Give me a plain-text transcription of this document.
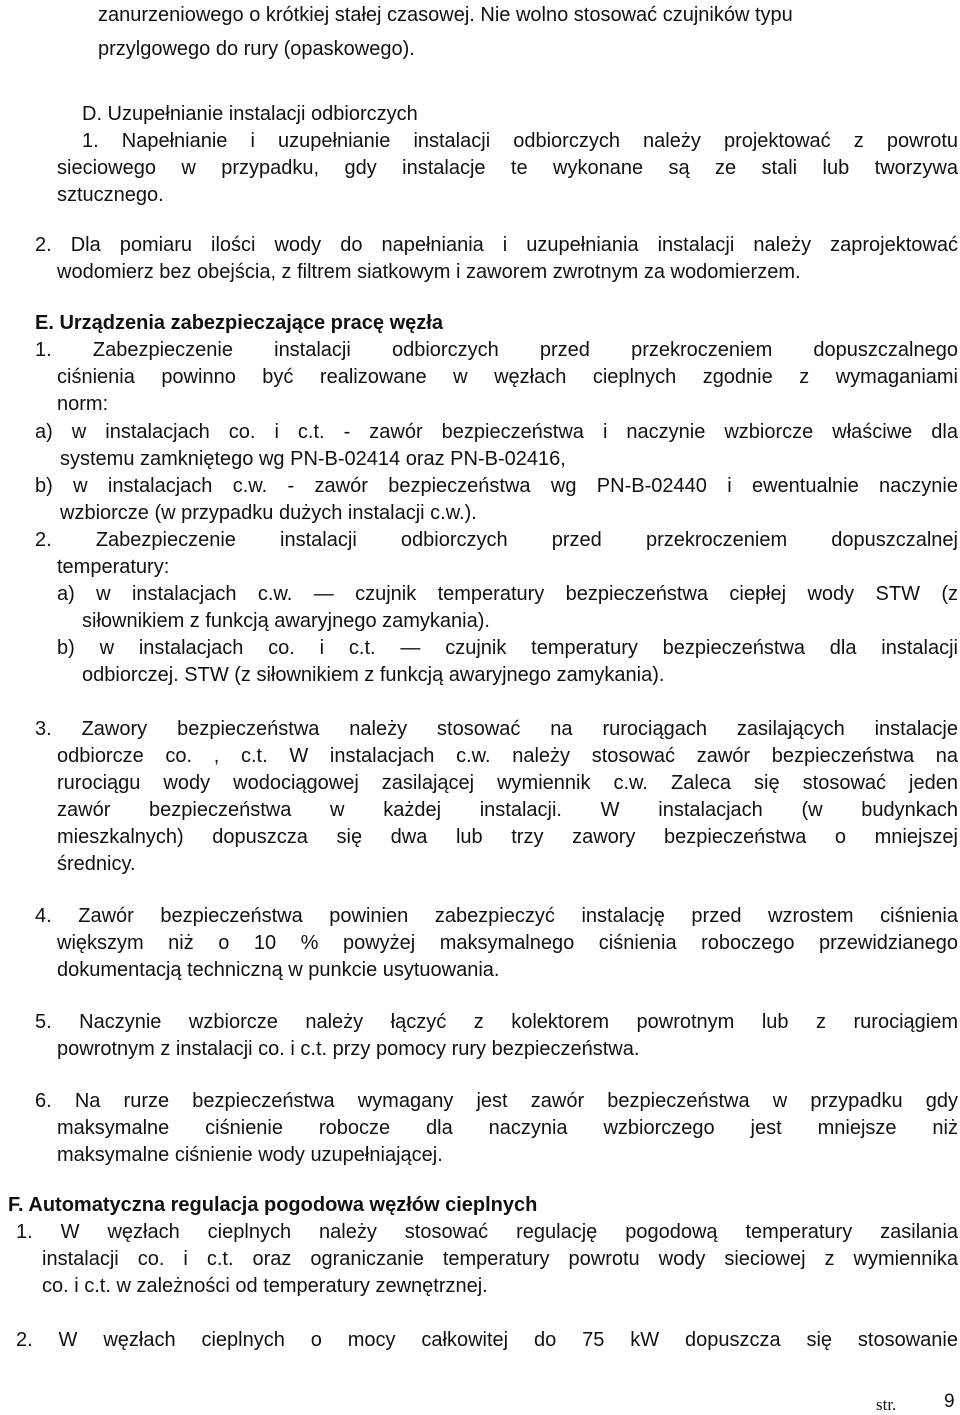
zanurzeniowego o krótkiej stałej czasowej. Nie wolno stosować czujników typu
przylgowego do rury (opaskowego).
D. Uzupełnianie instalacji odbiorczych
1. Napełnianie i uzupełnianie instalacji odbiorczych należy projektować z powrotu
sieciowego w przypadku, gdy instalacje te wykonane są ze stali lub tworzywa
sztucznego.
2. Dla pomiaru ilości wody do napełniania i uzupełniania instalacji należy zaprojektować
wodomierz bez obejścia, z filtrem siatkowym i zaworem zwrotnym za wodomierzem.
E. Urządzenia zabezpieczające pracę węzła
1. Zabezpieczenie instalacji odbiorczych przed przekroczeniem dopuszczalnego
ciśnienia powinno być realizowane w węzłach cieplnych zgodnie z wymaganiami
norm:
a) w instalacjach co. i c.t. - zawór bezpieczeństwa i naczynie wzbiorcze właściwe dla
systemu zamkniętego wg PN-B-02414 oraz PN-B-02416,
b) w instalacjach c.w. - zawór bezpieczeństwa wg PN-B-02440 i ewentualnie naczynie
wzbiorcze (w przypadku dużych instalacji c.w.).
2. Zabezpieczenie instalacji odbiorczych przed przekroczeniem dopuszczalnej
temperatury:
a) w instalacjach c.w. — czujnik temperatury bezpieczeństwa ciepłej wody STW (z
siłownikiem z funkcją awaryjnego zamykania).
b) w instalacjach co. i c.t. — czujnik temperatury bezpieczeństwa dla instalacji
odbiorczej. STW (z siłownikiem z funkcją awaryjnego zamykania).
3. Zawory bezpieczeństwa należy stosować na rurociągach zasilających instalacje
odbiorcze co. , c.t. W instalacjach c.w. należy stosować zawór bezpieczeństwa na
rurociągu wody wodociągowej zasilającej wymiennik c.w. Zaleca się stosować jeden
zawór bezpieczeństwa w każdej instalacji. W instalacjach (w budynkach
mieszkalnych) dopuszcza się dwa lub trzy zawory bezpieczeństwa o mniejszej
średnicy.
4. Zawór bezpieczeństwa powinien zabezpieczyć instalację przed wzrostem ciśnienia
większym niż o 10 % powyżej maksymalnego ciśnienia roboczego przewidzianego
dokumentacją techniczną w punkcie usytuowania.
5. Naczynie wzbiorcze należy łączyć z kolektorem powrotnym lub z rurociągiem
powrotnym z instalacji co. i c.t. przy pomocy rury bezpieczeństwa.
6. Na rurze bezpieczeństwa wymagany jest zawór bezpieczeństwa w przypadku gdy
maksymalne ciśnienie robocze dla naczynia wzbiorczego jest mniejsze niż
maksymalne ciśnienie wody uzupełniającej.
F. Automatyczna regulacja pogodowa węzłów cieplnych
1. W węzłach cieplnych należy stosować regulację pogodową temperatury zasilania
instalacji co. i c.t. oraz ograniczanie temperatury powrotu wody sieciowej z wymiennika
co. i c.t. w zależności od temperatury zewnętrznej.
2. W węzłach cieplnych o mocy całkowitej do 75 kW dopuszcza się stosowanie
str.	9
